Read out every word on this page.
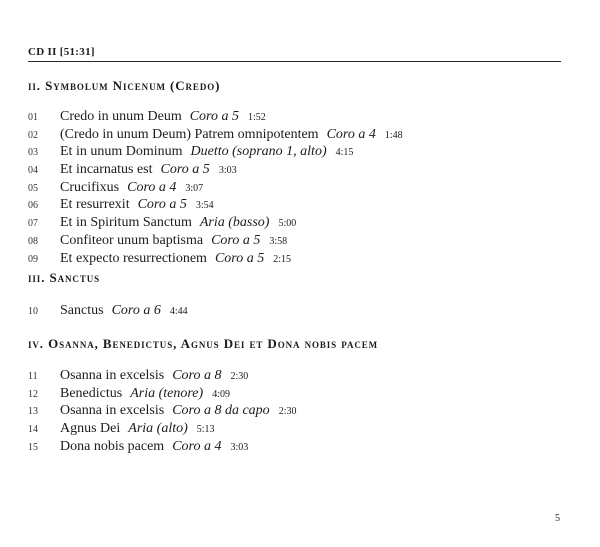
CD II [51:31]
ii. Symbolum Nicenum (Credo)
01 Credo in unum Deum Coro a 5 1:52
02 (Credo in unum Deum) Patrem omnipotentem Coro a 4 1:48
03 Et in unum Dominum Duetto (soprano 1, alto) 4:15
04 Et incarnatus est Coro a 5 3:03
05 Crucifixus Coro a 4 3:07
06 Et resurrexit Coro a 5 3:54
07 Et in Spiritum Sanctum Aria (basso) 5:00
08 Confiteor unum baptisma Coro a 5 3:58
09 Et expecto resurrectionem Coro a 5 2:15
iii. Sanctus
10 Sanctus Coro a 6 4:44
iv. Osanna, Benedictus, Agnus Dei et Dona nobis pacem
11 Osanna in excelsis Coro a 8 2:30
12 Benedictus Aria (tenore) 4:09
13 Osanna in excelsis Coro a 8 da capo 2:30
14 Agnus Dei Aria (alto) 5:13
15 Dona nobis pacem Coro a 4 3:03
5
